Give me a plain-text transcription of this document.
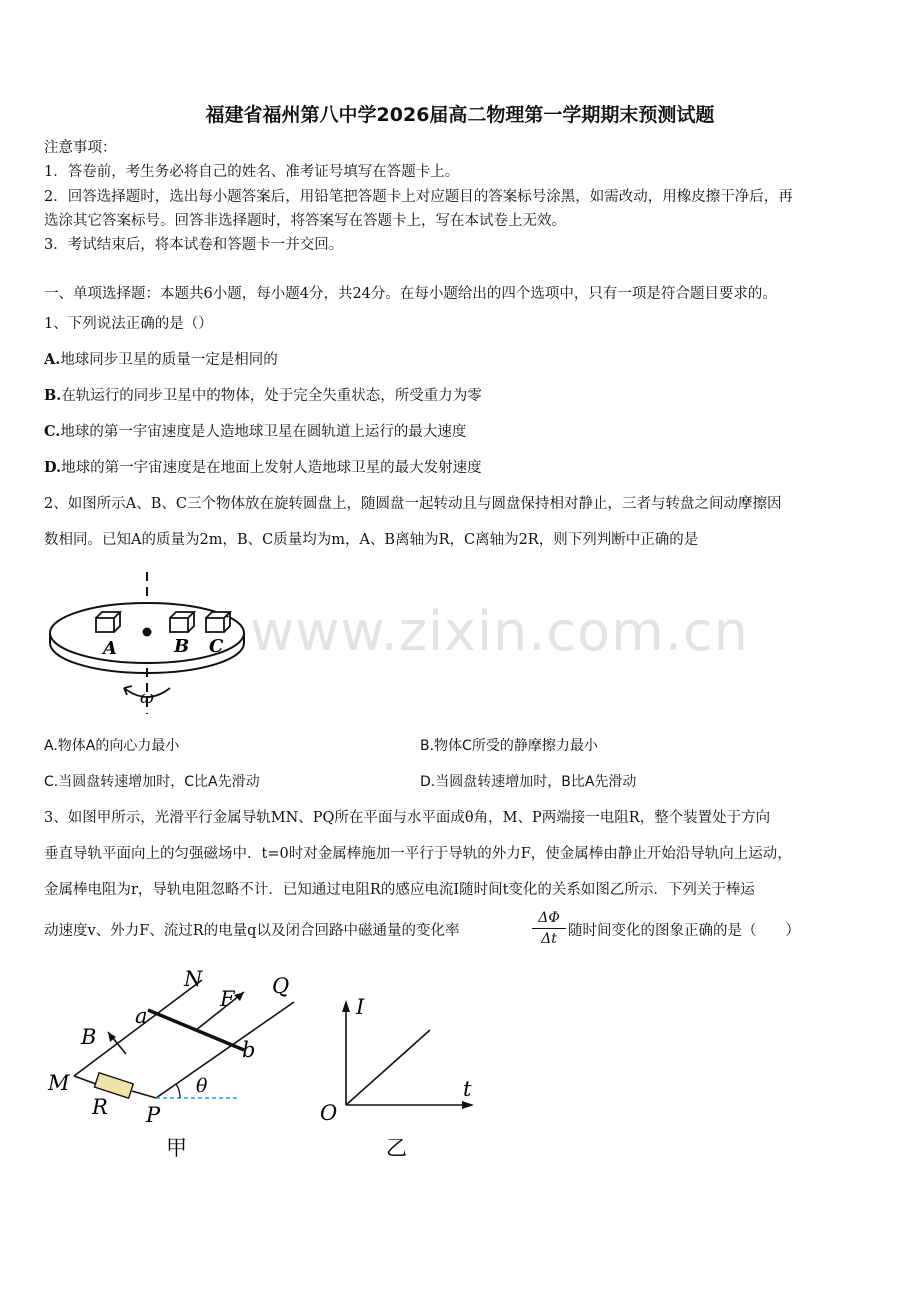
www.zixin.com.cn
福建省福州第八中学2026届高二物理第一学期期末预测试题
注意事项：
1．答卷前，考生务必将自己的姓名、准考证号填写在答题卡上。
2．回答选择题时，选出每小题答案后，用铅笔把答题卡上对应题目的答案标号涂黑，如需改动，用橡皮擦干净后，再
选涂其它答案标号。回答非选择题时，将答案写在答题卡上，写在本试卷上无效。
3．考试结束后，将本试卷和答题卡一并交回。
一、单项选择题：本题共6小题，每小题4分，共24分。在每小题给出的四个选项中，只有一项是符合题目要求的。
1、下列说法正确的是（）
A.地球同步卫星的质量一定是相同的
B.在轨运行的同步卫星中的物体，处于完全失重状态，所受重力为零
C.地球的第一宇宙速度是人造地球卫星在圆轨道上运行的最大速度
D.地球的第一宇宙速度是在地面上发射人造地球卫星的最大发射速度
2、如图所示A、B、C三个物体放在旋转圆盘上，随圆盘一起转动且与圆盘保持相对静止，三者与转盘之间动摩擦因
数相同。已知A的质量为2m，B、C质量均为m，A、B离轴为R，C离轴为2R，则下列判断中正确的是
A	B C
ω
A.物体A的向心力最小	B.物体C所受的静摩擦力最小
C.当圆盘转速增加时，C比A先滑动	D.当圆盘转速增加时，B比A先滑动
3、如图甲所示，光滑平行金属导轨MN、PQ所在平面与水平面成θ角，M、P两端接一电阻R，整个装置处于方向
垂直导轨平面向上的匀强磁场中．t=0时对金属棒施加一平行于导轨的外力F，使金属棒由静止开始沿导轨向上运动，
金属棒电阻为r，导轨电阻忽略不计．已知通过电阻R的感应电流I随时间t变化的关系如图乙所示．下列关于棒运
动速度v、外力F、流过R的电量q以及闭合回路中磁通量的变化率	$\frac{\Delta\Phi}{\Delta t}$ 随时间变化的图象正确的是（　　）
N	Q
F
a
b
B
M
R P
θ
甲
I
t
O
乙
